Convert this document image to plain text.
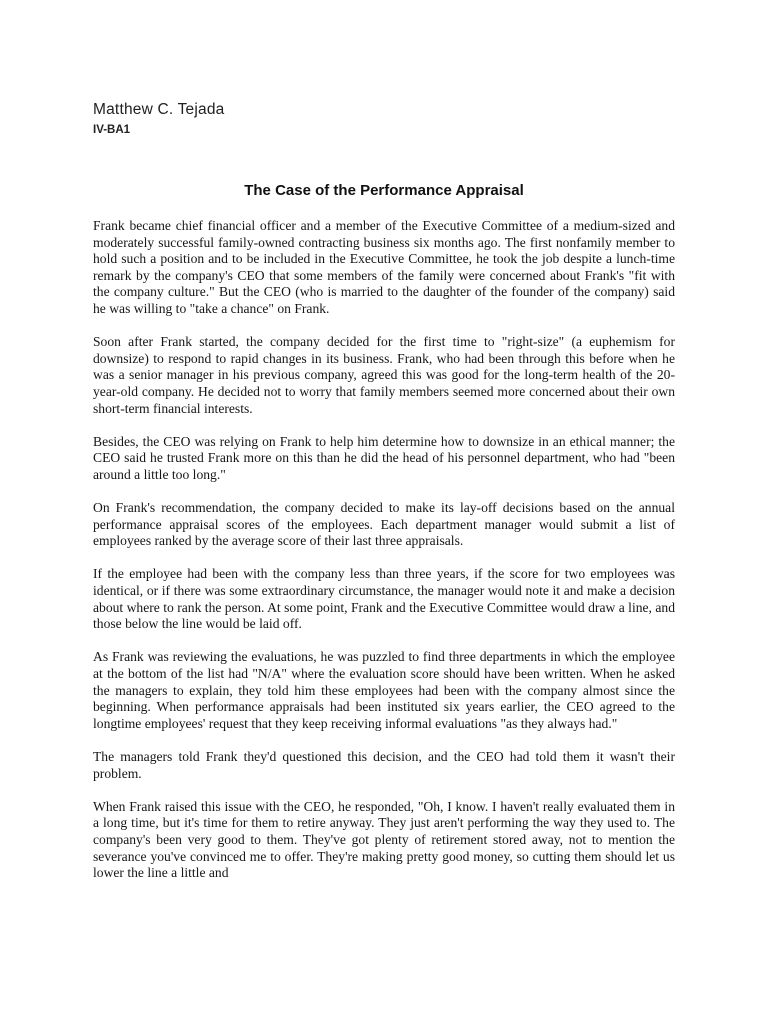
Matthew C. Tejada
IV-BA1
The Case of the Performance Appraisal

Frank became chief financial officer and a member of the Executive Committee of a medium-sized and moderately successful family-owned contracting business six months ago. The first nonfamily member to hold such a position and to be included in the Executive Committee, he took the job despite a lunch-time remark by the company's CEO that some members of the family were concerned about Frank's "fit with the company culture." But the CEO (who is married to the daughter of the founder of the company) said he was willing to "take a chance" on Frank.

Soon after Frank started, the company decided for the first time to "right-size" (a euphemism for downsize) to respond to rapid changes in its business. Frank, who had been through this before when he was a senior manager in his previous company, agreed this was good for the long-term health of the 20-year-old company. He decided not to worry that family members seemed more concerned about their own short-term financial interests.

Besides, the CEO was relying on Frank to help him determine how to downsize in an ethical manner; the CEO said he trusted Frank more on this than he did the head of his personnel department, who had "been around a little too long."

On Frank's recommendation, the company decided to make its lay-off decisions based on the annual performance appraisal scores of the employees. Each department manager would submit a list of employees ranked by the average score of their last three appraisals.

If the employee had been with the company less than three years, if the score for two employees was identical, or if there was some extraordinary circumstance, the manager would note it and make a decision about where to rank the person. At some point, Frank and the Executive Committee would draw a line, and those below the line would be laid off.

As Frank was reviewing the evaluations, he was puzzled to find three departments in which the employee at the bottom of the list had "N/A" where the evaluation score should have been written. When he asked the managers to explain, they told him these employees had been with the company almost since the beginning. When performance appraisals had been instituted six years earlier, the CEO agreed to the longtime employees' request that they keep receiving informal evaluations "as they always had."

The managers told Frank they'd questioned this decision, and the CEO had told them it wasn't their problem.

When Frank raised this issue with the CEO, he responded, "Oh, I know. I haven't really evaluated them in a long time, but it's time for them to retire anyway. They just aren't performing the way they used to. The company's been very good to them. They've got plenty of retirement stored away, not to mention the severance you've convinced me to offer. They're making pretty good money, so cutting them should let us lower the line a little and
